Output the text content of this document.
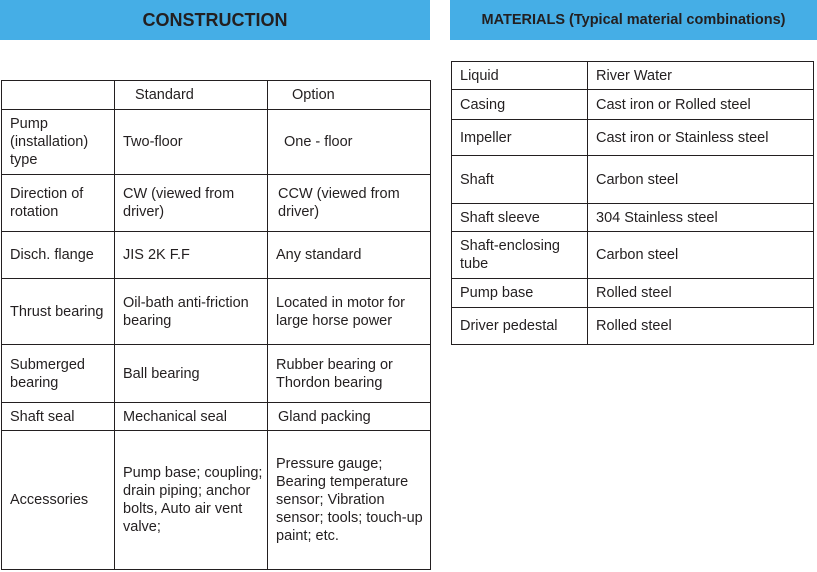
CONSTRUCTION	MATERIALS (Typical material combinations)
	Standard	Option
Pump (installation) type	Two-floor	One - floor
Direction of rotation	CW (viewed from driver)	CCW (viewed from driver)
Disch. flange	JIS 2K F.F	Any standard
Thrust bearing	Oil-bath anti-friction bearing	Located in motor for large horse power
Submerged bearing	Ball bearing	Rubber bearing or Thordon bearing
Shaft seal	Mechanical seal	Gland packing
Accessories	Pump base; coupling; drain piping; anchor bolts, Auto air vent valve;	Pressure gauge; Bearing temperature sensor; Vibration sensor; tools; touch-up paint; etc.
Liquid	River Water
Casing	Cast iron or Rolled steel
Impeller	Cast iron or Stainless steel
Shaft	Carbon steel
Shaft sleeve	304 Stainless steel
Shaft-enclosing tube	Carbon steel
Pump base	Rolled steel
Driver pedestal	Rolled steel
